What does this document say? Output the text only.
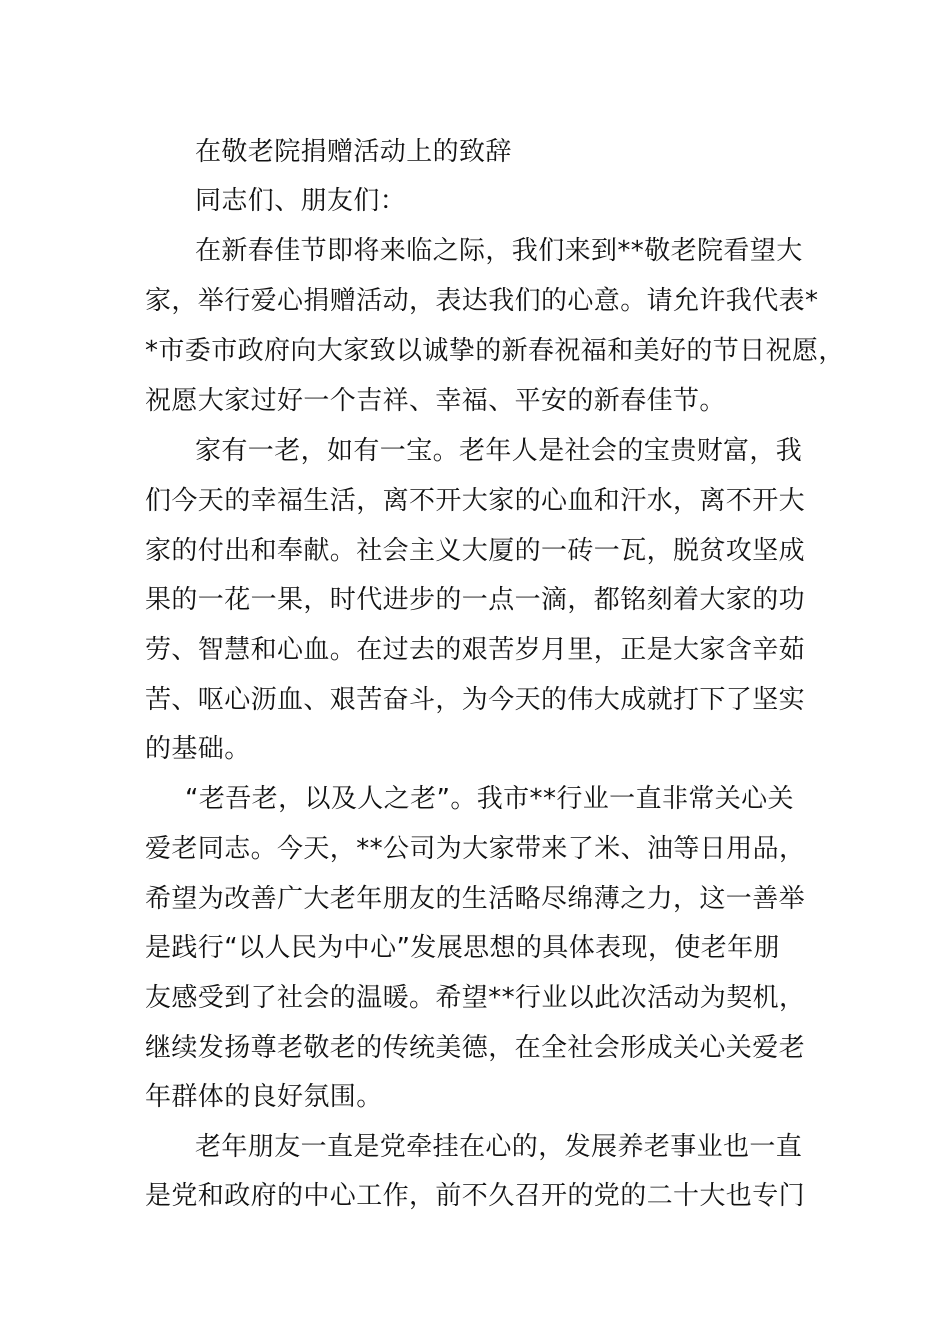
在敬老院捐赠活动上的致辞
同志们、朋友们：
在新春佳节即将来临之际，我们来到**敬老院看望大
家，举行爱心捐赠活动，表达我们的心意。请允许我代表*
*市委市政府向大家致以诚挚的新春祝福和美好的节日祝愿，
祝愿大家过好一个吉祥、幸福、平安的新春佳节。
家有一老，如有一宝。老年人是社会的宝贵财富，我
们今天的幸福生活，离不开大家的心血和汗水，离不开大
家的付出和奉献。社会主义大厦的一砖一瓦，脱贫攻坚成
果的一花一果，时代进步的一点一滴，都铭刻着大家的功
劳、智慧和心血。在过去的艰苦岁月里，正是大家含辛茹
苦、呕心沥血、艰苦奋斗，为今天的伟大成就打下了坚实
的基础。
“老吾老，以及人之老”。我市**行业一直非常关心关
爱老同志。今天，**公司为大家带来了米、油等日用品，
希望为改善广大老年朋友的生活略尽绵薄之力，这一善举
是践行“以人民为中心”发展思想的具体表现，使老年朋
友感受到了社会的温暖。希望**行业以此次活动为契机，
继续发扬尊老敬老的传统美德，在全社会形成关心关爱老
年群体的良好氛围。
老年朋友一直是党牵挂在心的，发展养老事业也一直
是党和政府的中心工作，前不久召开的党的二十大也专门
